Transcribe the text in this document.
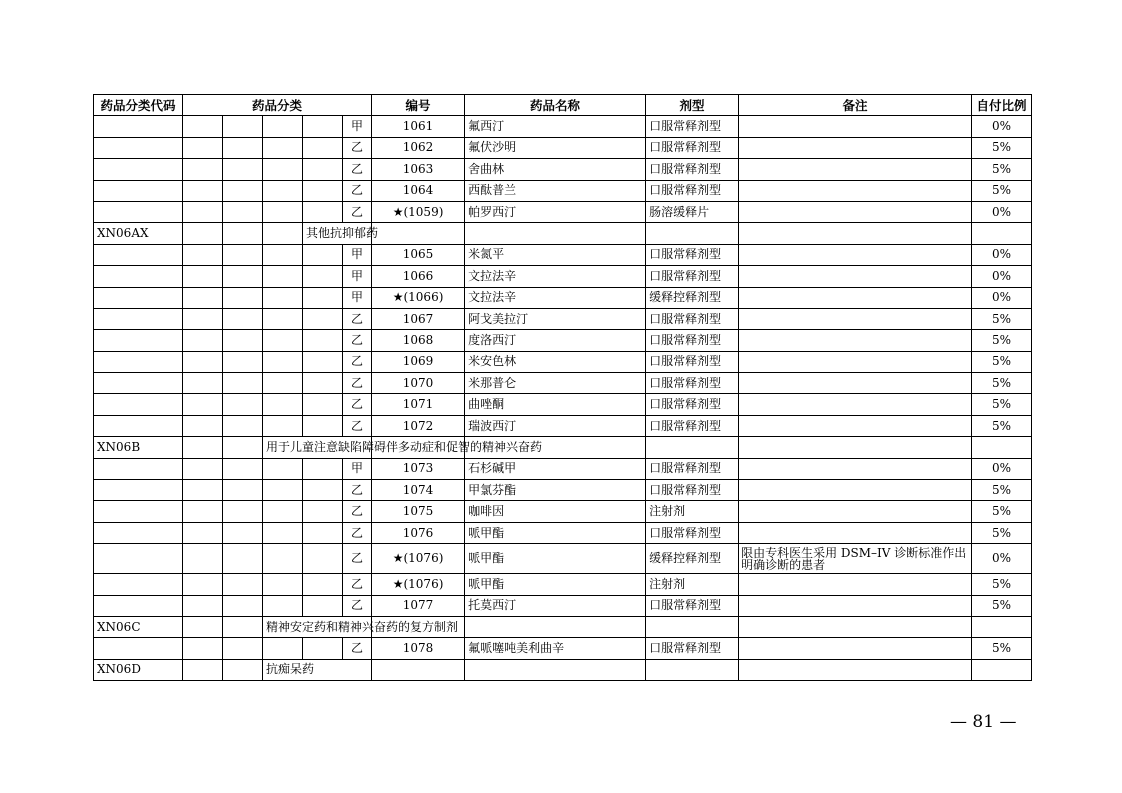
药品分类代码	药品分类					编号	药品名称	剂型	备注	自付比例
					甲	1061	氟西汀	口服常释剂型		0%
					乙	1062	氟伏沙明	口服常释剂型		5%
					乙	1063	舍曲林	口服常释剂型		5%
					乙	1064	西酞普兰	口服常释剂型		5%
					乙	★(1059)	帕罗西汀	肠溶缓释片		0%
XN06AX				其他抗抑郁药						
					甲	1065	米氮平	口服常释剂型		0%
					甲	1066	文拉法辛	口服常释剂型		0%
					甲	★(1066)	文拉法辛	缓释控释剂型		0%
					乙	1067	阿戈美拉汀	口服常释剂型		5%
					乙	1068	度洛西汀	口服常释剂型		5%
					乙	1069	米安色林	口服常释剂型		5%
					乙	1070	米那普仑	口服常释剂型		5%
					乙	1071	曲唑酮	口服常释剂型		5%
					乙	1072	瑞波西汀	口服常释剂型		5%
XN06B			用于儿童注意缺陷障碍伴多动症和促智的精神兴奋药							
					甲	1073	石杉碱甲	口服常释剂型		0%
					乙	1074	甲氯芬酯	口服常释剂型		5%
					乙	1075	咖啡因	注射剂		5%
					乙	1076	哌甲酯	口服常释剂型		5%
					乙	★(1076)	哌甲酯	缓释控释剂型	限由专科医生采用 DSM–IV 诊断标准作出明确诊断的患者	0%
					乙	★(1076)	哌甲酯	注射剂		5%
					乙	1077	托莫西汀	口服常释剂型		5%
XN06C			精神安定药和精神兴奋药的复方制剂							
					乙	1078	氟哌噻吨美利曲辛	口服常释剂型		5%
XN06D			抗痴呆药							
— 81 —
